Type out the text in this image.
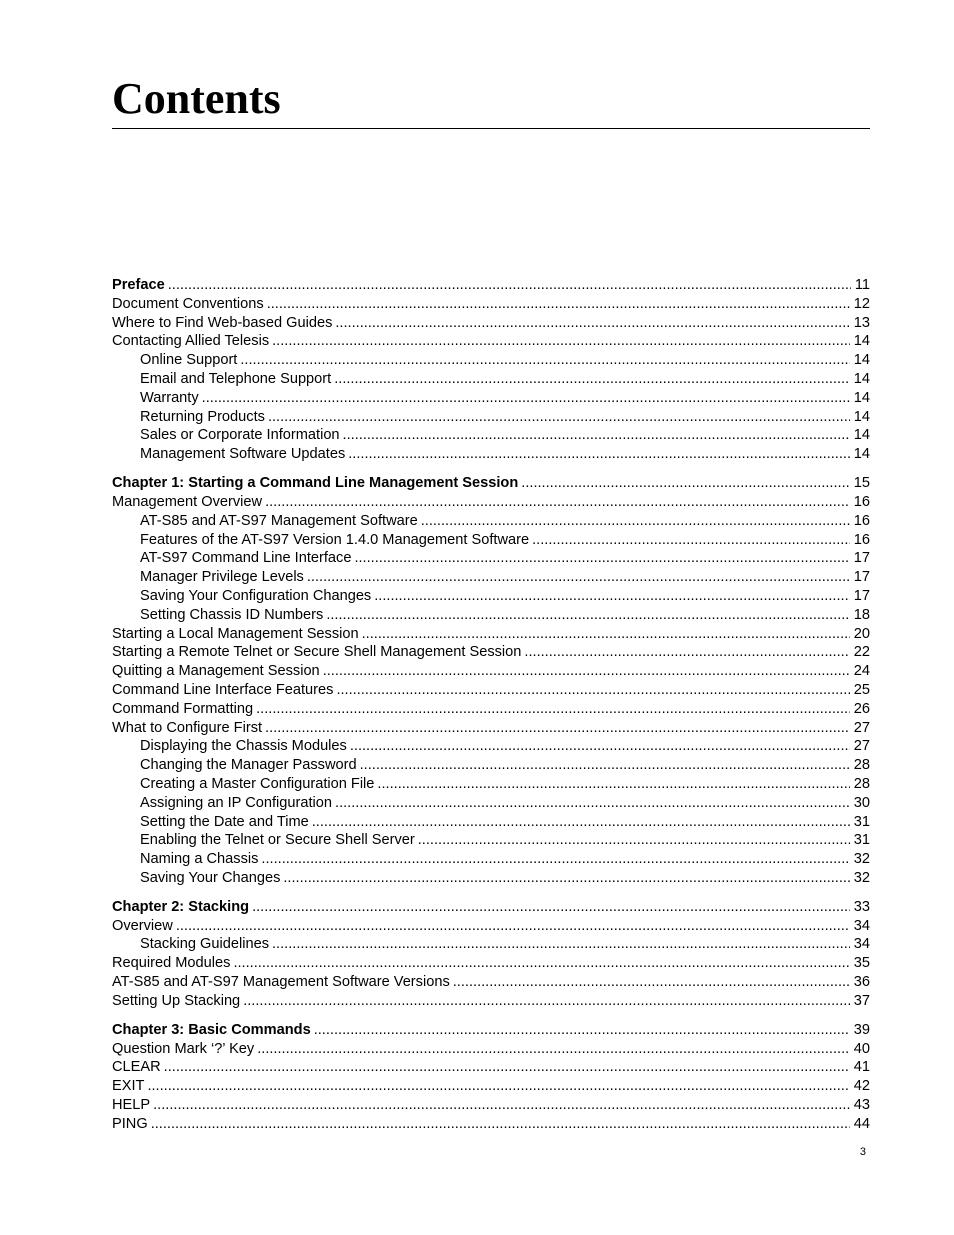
Contents
Preface .....	11
Document Conventions .....	12
Where to Find Web-based Guides .....	13
Contacting Allied Telesis .....	14
Online Support .....	14
Email and Telephone Support .....	14
Warranty .....	14
Returning Products .....	14
Sales or Corporate Information .....	14
Management Software Updates .....	14
Chapter 1: Starting a Command Line Management Session .....	15
Management Overview .....	16
AT-S85 and AT-S97 Management Software .....	16
Features of the AT-S97 Version 1.4.0 Management Software .....	16
AT-S97 Command Line Interface .....	17
Manager Privilege Levels .....	17
Saving Your Configuration Changes .....	17
Setting Chassis ID Numbers .....	18
Starting a Local Management Session .....	20
Starting a Remote Telnet or Secure Shell Management Session .....	22
Quitting a Management Session .....	24
Command Line Interface Features .....	25
Command Formatting .....	26
What to Configure First .....	27
Displaying the Chassis Modules .....	27
Changing the Manager Password .....	28
Creating a Master Configuration File .....	28
Assigning an IP Configuration .....	30
Setting the Date and Time .....	31
Enabling the Telnet or Secure Shell Server .....	31
Naming a Chassis .....	32
Saving Your Changes .....	32
Chapter 2: Stacking .....	33
Overview .....	34
Stacking Guidelines .....	34
Required Modules .....	35
AT-S85 and AT-S97 Management Software Versions .....	36
Setting Up Stacking .....	37
Chapter 3: Basic Commands .....	39
Question Mark ‘?’ Key .....	40
CLEAR .....	41
EXIT .....	42
HELP .....	43
PING .....	44
3
